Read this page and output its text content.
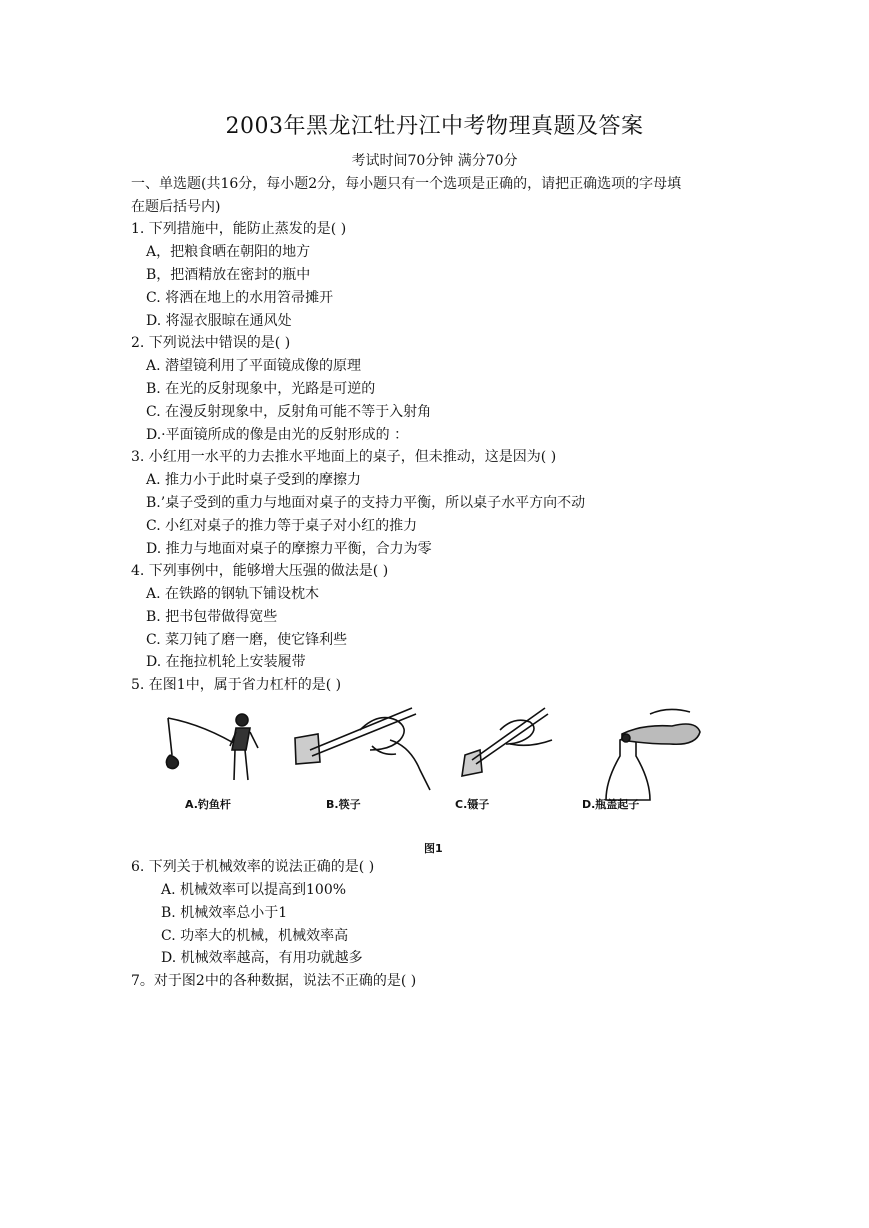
2003年黑龙江牡丹江中考物理真题及答案
考试时间70分钟 满分70分
一、单选题(共16分，每小题2分，每小题只有一个选项是正确的，请把正确选项的字母填
在题后括号内)
1. 下列措施中，能防止蒸发的是( )
A，把粮食晒在朝阳的地方
B，把酒精放在密封的瓶中
C. 将洒在地上的水用笤帚摊开
D. 将湿衣服晾在通风处
2. 下列说法中错误的是( )
A. 潜望镜利用了平面镜成像的原理
B. 在光的反射现象中，光路是可逆的
C. 在漫反射现象中，反射角可能不等于入射角
D.·平面镜所成的像是由光的反射形成的 ：
3. 小红用一水平的力去推水平地面上的桌子，但未推动，这是因为( )
A. 推力小于此时桌子受到的摩擦力
B.’桌子受到的重力与地面对桌子的支持力平衡，所以桌子水平方向不动
C. 小红对桌子的推力等于桌子对小红的推力
D. 推力与地面对桌子的摩擦力平衡，合力为零
4. 下列事例中，能够增大压强的做法是( )
A. 在铁路的钢轨下铺设枕木
B. 把书包带做得宽些
C. 菜刀钝了磨一磨，使它锋利些
D. 在拖拉机轮上安装履带
5. 在图1中，属于省力杠杆的是( )
A.钓鱼杆	B.筷子	C.镊子	D.瓶盖起子
图1
6. 下列关于机械效率的说法正确的是( )
A. 机械效率可以提高到100%
B. 机械效率总小于1
C. 功率大的机械，机械效率高
D. 机械效率越高，有用功就越多
7。对于图2中的各种数据，说法不正确的是( )
